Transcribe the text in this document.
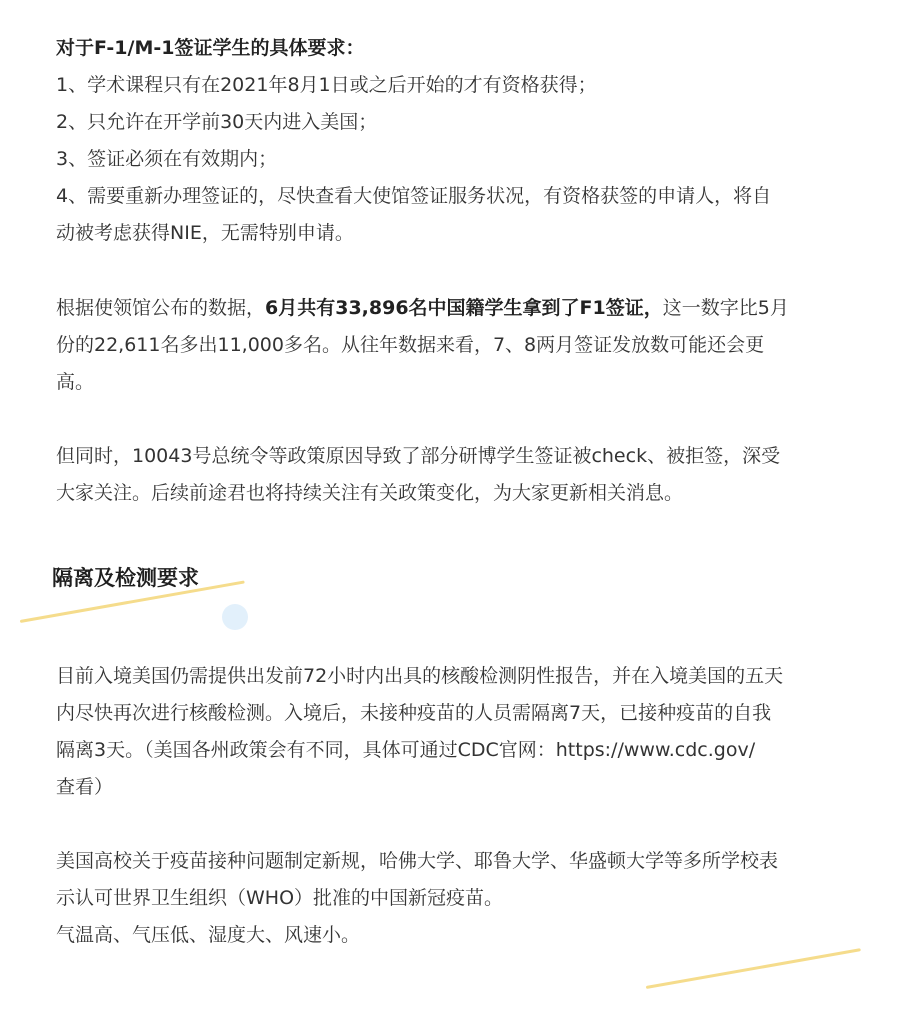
对于F-1/M-1签证学生的具体要求：
1、学术课程只有在2021年8月1日或之后开始的才有资格获得；
2、只允许在开学前30天内进入美国；
3、签证必须在有效期内；
4、需要重新办理签证的，尽快查看大使馆签证服务状况，有资格获签的申请人，将自
动被考虑获得NIE，无需特别申请。
根据使领馆公布的数据，6月共有33,896名中国籍学生拿到了F1签证，这一数字比5月
份的22,611名多出11,000多名。从往年数据来看，7、8两月签证发放数可能还会更
高。
但同时，10043号总统令等政策原因导致了部分研博学生签证被check、被拒签，深受
大家关注。后续前途君也将持续关注有关政策变化，为大家更新相关消息。
隔离及检测要求
目前入境美国仍需提供出发前72小时内出具的核酸检测阴性报告，并在入境美国的五天
内尽快再次进行核酸检测。入境后，未接种疫苗的人员需隔离7天，已接种疫苗的自我
隔离3天。（美国各州政策会有不同，具体可通过CDC官网：https://www.cdc.gov/
查看）
美国高校关于疫苗接种问题制定新规，哈佛大学、耶鲁大学、华盛顿大学等多所学校表
示认可世界卫生组织（WHO）批准的中国新冠疫苗。
气温高、气压低、湿度大、风速小。
